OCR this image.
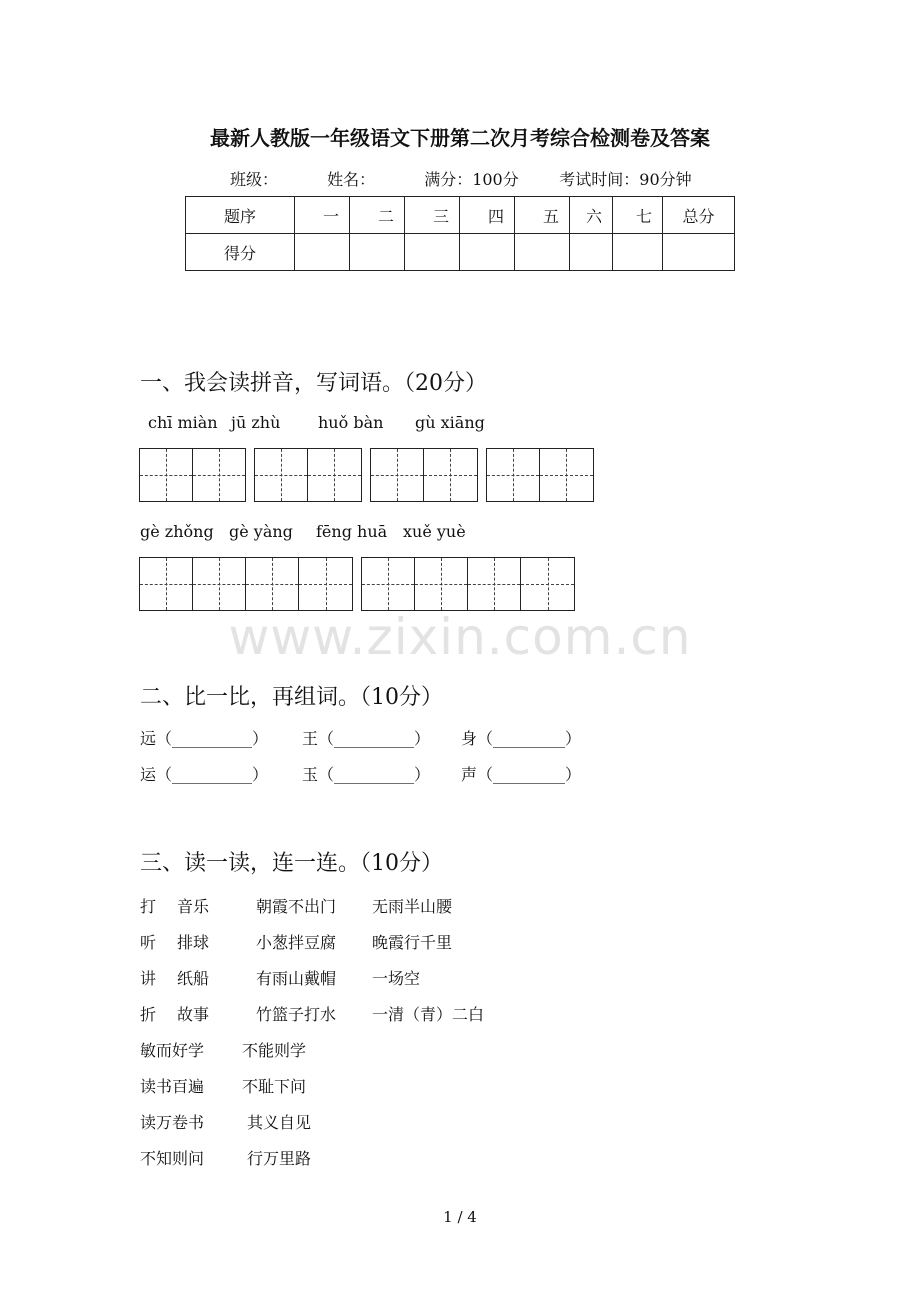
最新人教版一年级语文下册第二次月考综合检测卷及答案
班级：	姓名：	满分：100分	考试时间：90分钟
题序	一	二	三	四	五	六	七	总分
得分								
一、我会读拼音，写词语。（20分）
chī miàn jū zhù huǒ bàn gù xiāng
gè zhǒng gè yàng fēng huā xuě yuè
www.zixin.com.cn
二、比一比，再组词。（10分）
远（__________） 王（__________） 身（_________）
运（__________） 玉（__________） 声（_________）
三、读一读，连一连。（10分）
打 音乐	朝霞不出门 无雨半山腰
听 排球	小葱拌豆腐 晚霞行千里
讲 纸船	有雨山戴帽 一场空
折 故事	竹篮子打水 一清（青）二白
敏而好学 不能则学
读书百遍 不耻下问
读万卷书	其义自见
不知则问	行万里路
1 / 4
